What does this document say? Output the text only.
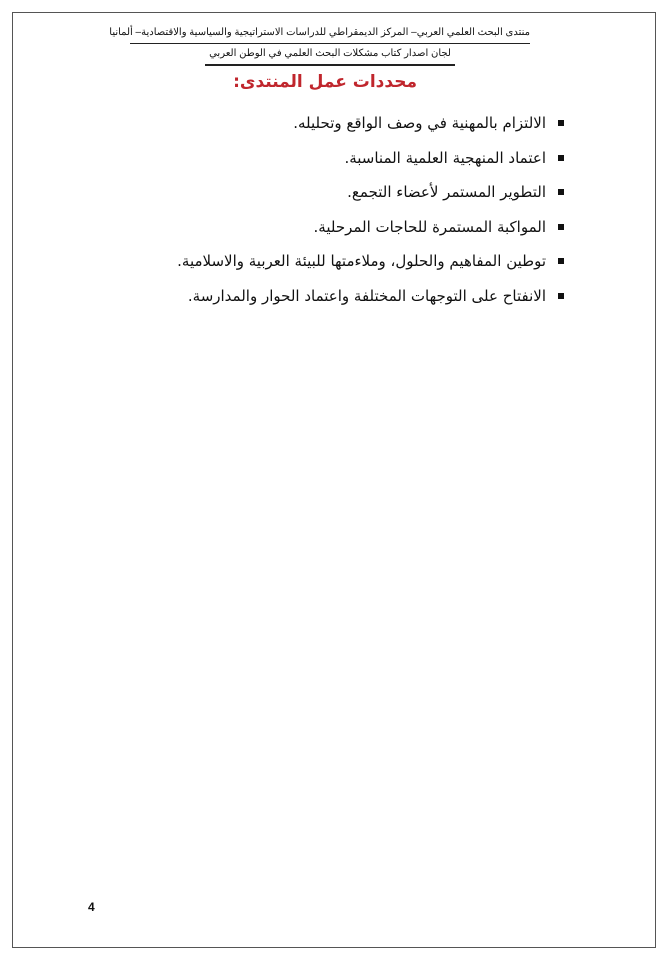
منتدى البحث العلمي العربي– المركز الديمقراطي للدراسات الاستراتيجية والسياسية والاقتصادية– ألمانيا
لجان اصدار كتاب مشكلات البحث العلمي في الوطن العربي
محددات عمل المنتدى:
الالتزام بالمهنية في وصف الواقع وتحليله.
اعتماد المنهجية العلمية المناسبة.
التطوير المستمر لأعضاء التجمع.
المواكبة المستمرة للحاجات المرحلية.
توطين المفاهيم والحلول، وملاءمتها للبيئة العربية والاسلامية.
الانفتاح على التوجهات المختلفة واعتماد الحوار والمدارسة.
4
